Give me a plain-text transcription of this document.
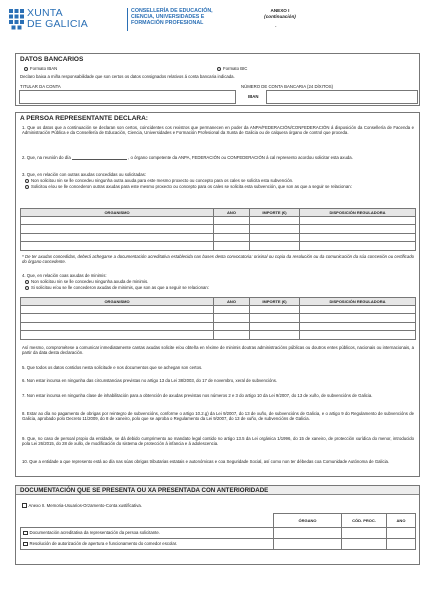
XUNTA
DE GALICIA
CONSELLERÍA DE EDUCACIÓN,
CIENCIA, UNIVERSIDADES E
FORMACIÓN PROFESIONAL
ANEXO I
(continuación)
.
DATOS BANCARIOS
Formato IBAN	Formato BIC
Declaro baixa a miña responsabilidade que son certos os datos consignados relativos á conta bancaria indicada.
TITULAR DA CONTA	NÚMERO DE CONTA BANCARIA (24 DÍXITOS)
IBAN
A PERSOA REPRESENTANTE DECLARA:
1. Que os datos que a continuación se declaran son certos, coincidentes cos rexistros que permanecen en poder da ANPA/FEDERACIÓN/CONFEDERACIÓN á disposición da Consellería de Facenda e Administración Pública e da Consellería de Educación, Ciencia, Universidades e Formación Profesional da Xunta de Galicia ou de calquera órgano de control que proceda.
2. Que, na reunión do día	, o órgano competente da ANPA, FEDERACIÓN ou CONFEDERACIÓN á cal represento acordou solicitar esta axuda.
3. Que, en relación con outras axudas concedidas ou solicitadas:
Non solicitou nin se lle concedeu ningunha outra axuda para este mesmo proxecto ou concepto para os cales se solicita esta subvención.
Solicitou e/ou se lle concederon outras axudas para este mesmo proxecto ou concepto para os cales se solicita esta subvención, que son as que a seguir se relacionan:
ORGANISMO	ANO	IMPORTE (€)	DISPOSICIÓN REGULADORA

* De ter axudas concedidas, deberá achegarse a documentación acreditativa establecida nas bases desta convocatoria: orixinal ou copia da resolución ou da comunicación da súa concesión ou certificado do órgano concedente.
4. Que, en relación coas axudas de minimis:
Non solicitou nin se lle concedeu ningunha axuda de minimis.
Si solicitou e/ou se lle concederon axudas de minimis, que son as que a seguir se relacionan:
ORGANISMO	ANO	IMPORTE (€)	DISPOSICIÓN REGULADORA

Así mesmo, comprométese a comunicar inmediatamente cantas axudas solicite e/ou obteña en réxime de minimis doutras administracións públicas ou doutros entes públicos, nacionais ou internacionais, a partir da data desta declaración.
5. Que todos os datos contidos nesta solicitude e nos documentos que se achegan son certos.
6. Non estar incursa en ningunha das circunstancias previstas no artigo 13 da Lei 38/2003, do 17 de novembro, xeral de subvencións.
7. Non estar incursa en ningunha clase de inhabilitación para a obtención de axudas previstas nos números 2 e 3 do artigo 10 da Lei 9/2007, do 13 de xuño, de subvencións de Galicia.
8. Estar ao día no pagamento de obrigas por reintegro de subvencións, conforme o artigo 10.2.g) da Lei 9/2007, do 13 de xuño, de subvencións de Galicia, e o artigo 9 do Regulamento de subvencións de Galicia, aprobado polo Decreto 11/2009, do 8 de xaneiro, polo que se aproba o Regulamento da Lei 9/2007, do 13 de xuño, de subvencións de Galicia.
9. Que, no caso de persoal propio da entidade, se dá debido cumprimento ao mandato legal contido no artigo 13.5 da Lei orgánica 1/1996, do 15 de xaneiro, de protección xurídica do menor, introducido pola Lei 26/2015, do 28 de xullo, de modificación do sistema de protección á infancia e á adolescencia.
10. Que a entidade a que represento está ao día nas súas obrigas tributarias estatais e autonómicas e coa Seguridade Social, así como non ter débedas coa Comunidade Autónoma de Galicia.
DOCUMENTACIÓN QUE SE PRESENTA OU XA PRESENTADA CON ANTERIORIDADE
Anexo II. Memoria-Usuarios-Orzamento-Conta xustificativa.
	ÓRGANO	CÓD. PROC.	ANO
Documentación acreditativa da representación da persoa solicitante.			
Resolución de autorización de apertura e funcionamento do comedor escolar.			
